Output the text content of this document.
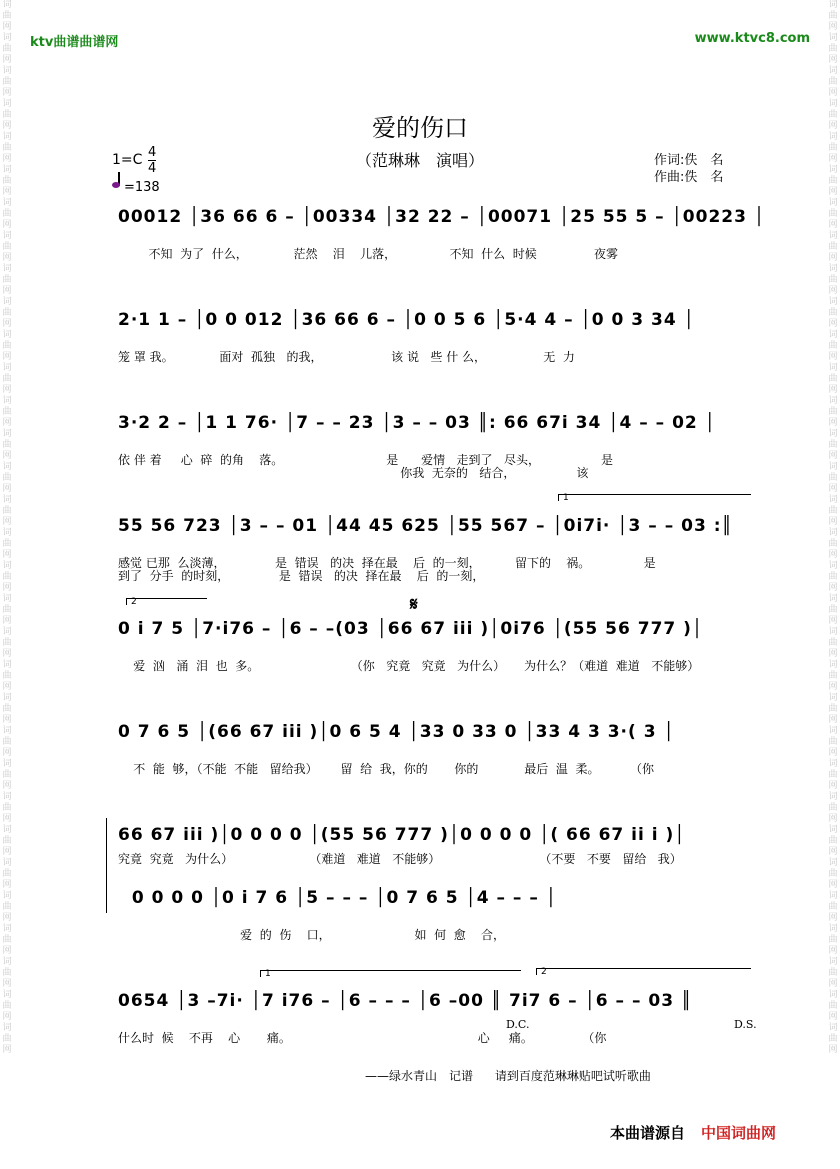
词曲网词曲网词曲网词曲网词曲网词曲网词曲网词曲网词曲网词曲网词曲网词曲网词曲网词曲网词曲网词曲网词曲网词曲网词曲网词曲网词曲网词曲网词曲网词曲网词曲网词曲网词曲网词曲网词曲网词曲网词曲网词曲网
词曲网词曲网词曲网词曲网词曲网词曲网词曲网词曲网词曲网词曲网词曲网词曲网词曲网词曲网词曲网词曲网词曲网词曲网词曲网词曲网词曲网词曲网词曲网词曲网词曲网词曲网词曲网词曲网词曲网词曲网词曲网词曲网
ktv曲谱曲谱网	www.ktvc8.com
爱的伤口
（范琳琳　演唱）
$1=C \frac{4}{4}$
=138
作词:佚　名
作曲:佚　名
00012 │36 66 6 – │00334 │32 22 – │00071 │25 55 5 – │00223 │
不知  为了  什么，            茫然    泪    儿落，              不知  什么  时候               夜雾
2·1 1 – │0 0 012 │36 66 6 – │0 0 5 6 │5·4 4 – │0 0 3 34 │
笼 罩 我。            面对  孤独   的我，                  该 说   些 什 么，               无  力
3·2 2 – │1 1 76· │7 – – 23 │3 – – 03 ║: 66 67i 34 │4 – – 02 │
依 伴 着     心  碎  的角    落。                           是      爱情   走到了   尽头，                是
你我  无奈的   结合，                该
1
55 56 723 │3 – – 01 │44 45 625 │55 567 – │0i7i· │3 – – 03 :║
感觉 已那  么淡薄，             是  错误   的决  择在最    后  的一刻，         留下的    祸。              是
到了  分手  的时刻，             是  错误   的决  择在最    后  的一刻，
2	𝄋
0 i 7 5 │7·i76 – │6 – –(03 │66 67 iii )│0i76 │(55 56 777 )│
爱  汹   涌  泪  也  多。                        （你   究竟   究竟   为什么）     为什么？（难道  难道   不能够）
0 7 6 5 │(66 67 iii )│0 6 5 4 │33 0 33 0 │33 4 3 3·( 3 │
不  能  够，（不能  不能   留给我）      留  给  我，你的       你的            最后  温  柔。        （你
66 67 iii )│0 0 0 0 │(55 56 777 )│0 0 0 0 │( 66 67 ii i )│
究竟  究竟   为什么）                    （难道   难道   不能够）                          （不要   不要   留给   我）
0 0 0 0 │0 i 7 6 │5 – – – │0 7 6 5 │4 – – – │
爱  的  伤    口，                      如  何  愈    合，
1	2
0654 │3 –7i· │7 i76 – │6 – – – │6 –00 ║ 7i7 6 – │6 – – 03 ║
D.C.	D.S.
什么时  候    不再    心       痛。                                                 心     痛。             （你
——绿水青山　记谱 请到百度范琳琳贴吧试听歌曲
本曲谱源自 中国词曲网
